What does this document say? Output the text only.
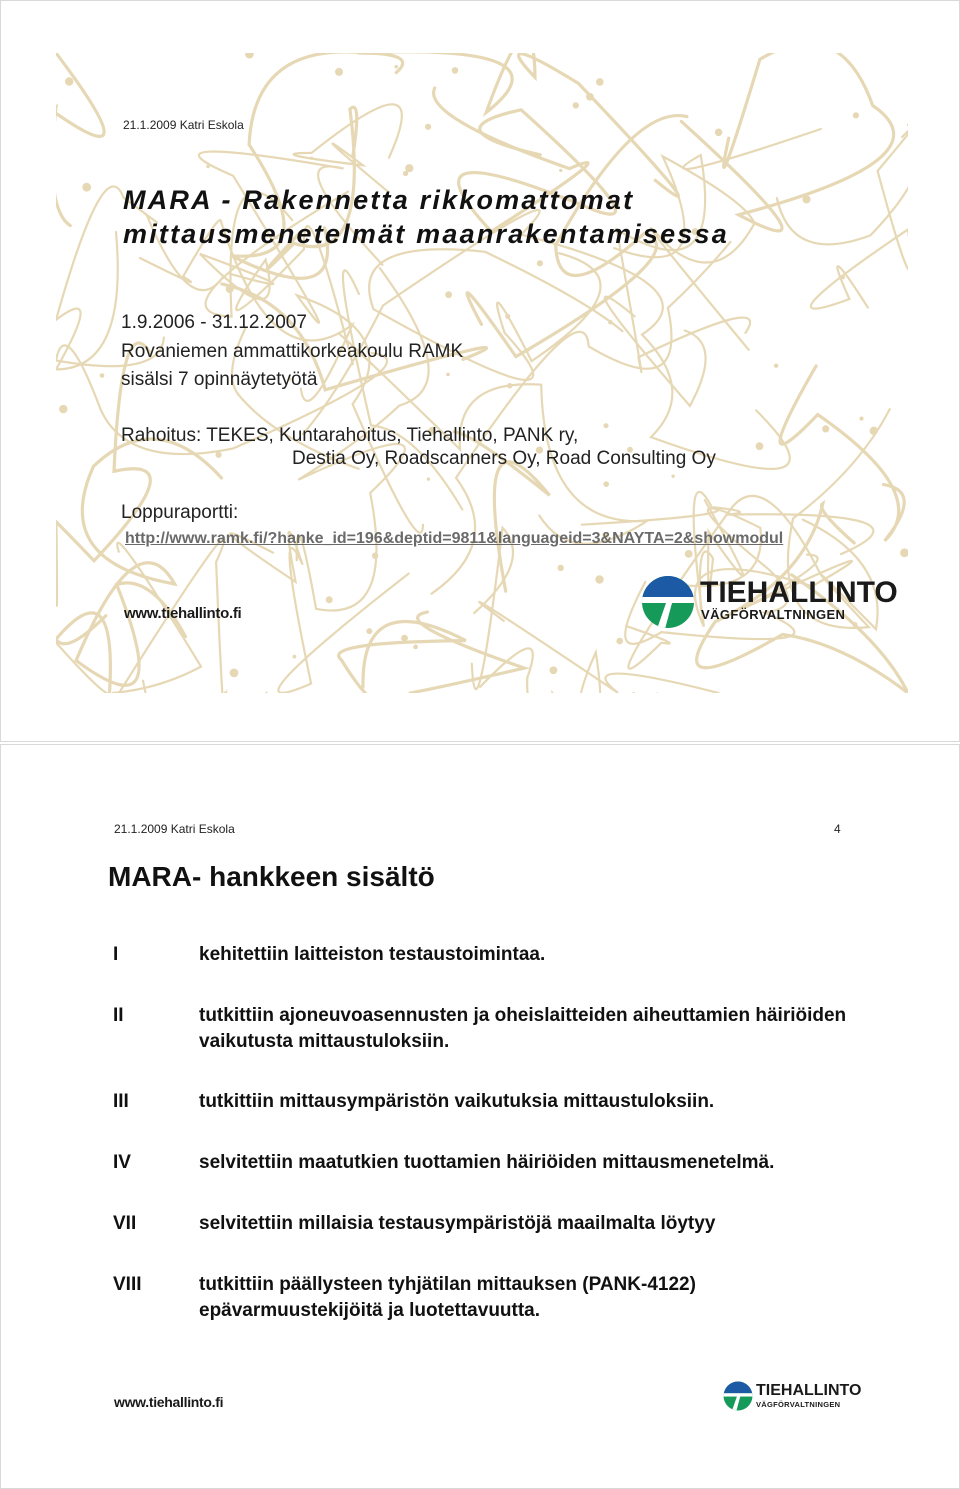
21.1.2009 Katri Eskola
MARA - Rakennetta rikkomattomat
mittausmenetelmät maanrakentamisessa
1.9.2006 - 31.12.2007
Rovaniemen ammattikorkeakoulu RAMK
sisälsi 7 opinnäytetyötä
Rahoitus: TEKES, Kuntarahoitus, Tiehallinto, PANK ry,
Destia Oy, Roadscanners Oy, Road Consulting Oy
Loppuraportti:
http://www.ramk.fi/?hanke_id=196&deptid=9811&languageid=3&NAYTA=2&showmodul
www.tiehallinto.fi
TIEHALLINTO
VÄGFÖRVALTNINGEN
21.1.2009 Katri Eskola	4
MARA- hankkeen sisältö
I	kehitettiin laitteiston testaustoimintaa.
II	tutkittiin ajoneuvoasennusten ja oheislaitteiden aiheuttamien häiriöiden vaikutusta mittaustuloksiin.
III	tutkittiin mittausympäristön vaikutuksia mittaustuloksiin.
IV	selvitettiin maatutkien tuottamien häiriöiden mittausmenetelmä.
VII	selvitettiin millaisia testausympäristöjä maailmalta löytyy
VIII	tutkittiin päällysteen tyhjätilan mittauksen (PANK-4122) epävarmuustekijöitä ja luotettavuutta.
www.tiehallinto.fi
TIEHALLINTO
VÄGFÖRVALTNINGEN
